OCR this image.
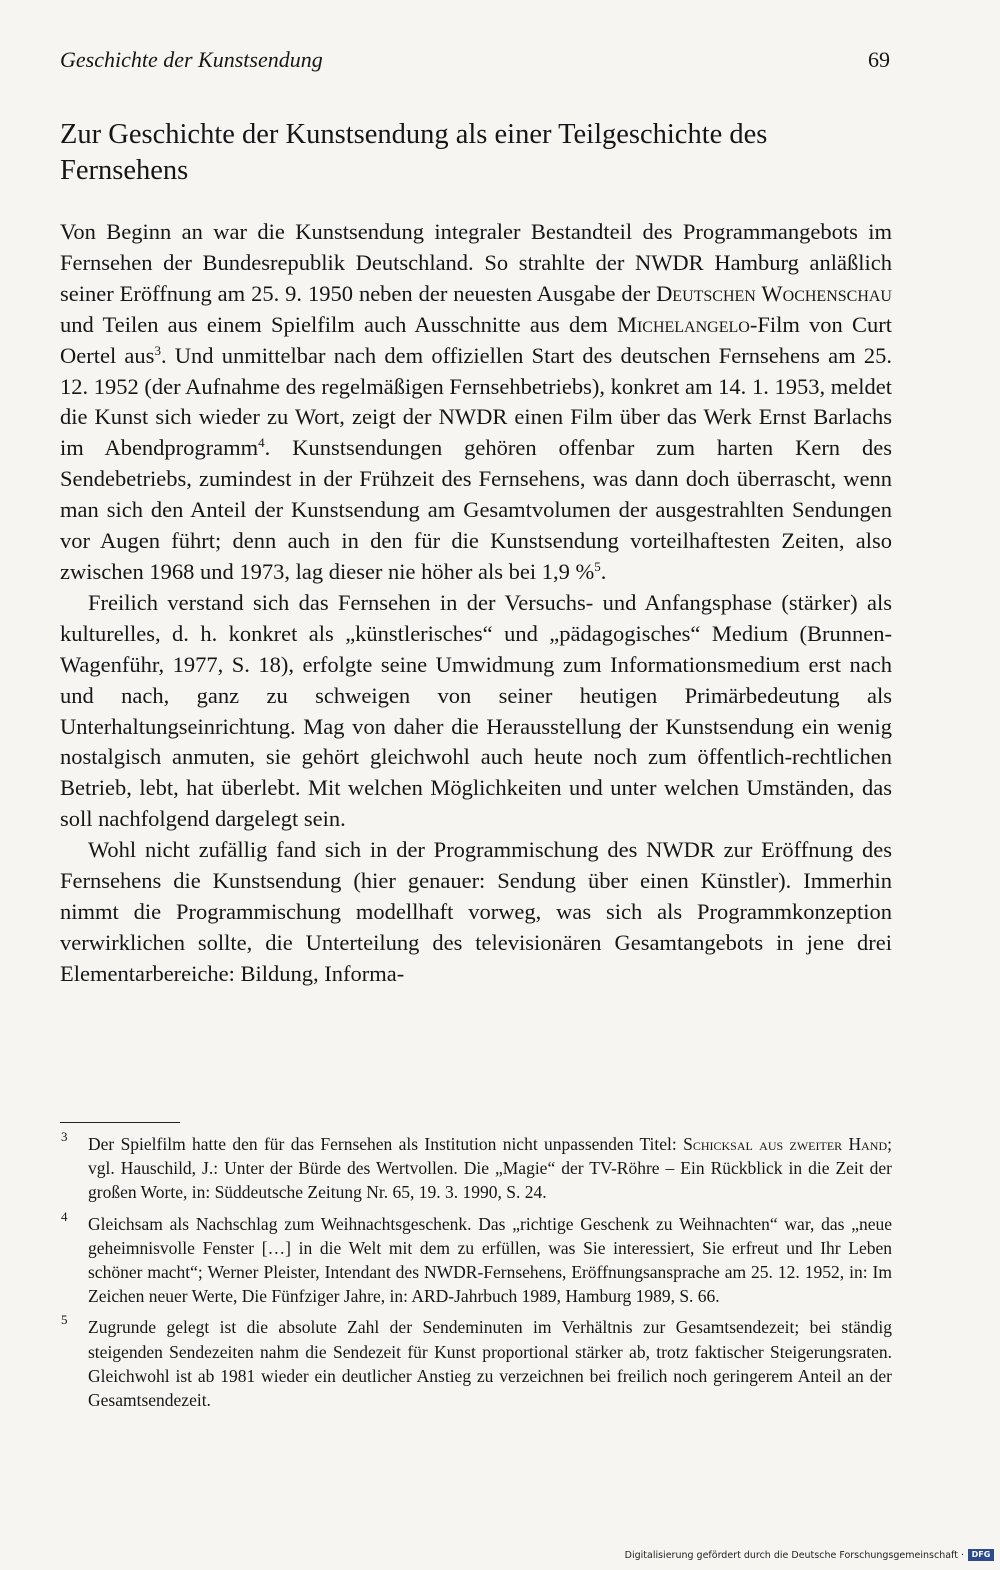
Geschichte der Kunstsendung	69
Zur Geschichte der Kunstsendung als einer Teilgeschichte des Fernsehens

Von Beginn an war die Kunstsendung integraler Bestandteil des Programmangebots im Fernsehen der Bundesrepublik Deutschland. So strahlte der NWDR Hamburg anläßlich seiner Eröffnung am 25. 9. 1950 neben der neuesten Ausgabe der Deutschen Wochenschau und Teilen aus einem Spielfilm auch Ausschnitte aus dem Michelangelo-Film von Curt Oertel aus$^3$. Und unmittelbar nach dem offiziellen Start des deutschen Fernsehens am 25. 12. 1952 (der Aufnahme des regelmäßigen Fernsehbetriebs), konkret am 14. 1. 1953, meldet die Kunst sich wieder zu Wort, zeigt der NWDR einen Film über das Werk Ernst Barlachs im Abendprogramm$^4$. Kunstsendungen gehören offenbar zum harten Kern des Sendebetriebs, zumindest in der Frühzeit des Fernsehens, was dann doch überrascht, wenn man sich den Anteil der Kunstsendung am Gesamtvolumen der ausgestrahlten Sendungen vor Augen führt; denn auch in den für die Kunstsendung vorteilhaftesten Zeiten, also zwischen 1968 und 1973, lag dieser nie höher als bei 1,9 %$^5$.

Freilich verstand sich das Fernsehen in der Versuchs- und Anfangsphase (stärker) als kulturelles, d. h. konkret als „künstlerisches“ und „pädagogisches“ Medium (Brunnen-Wagenführ, 1977, S. 18), erfolgte seine Umwidmung zum Informationsmedium erst nach und nach, ganz zu schweigen von seiner heutigen Primärbedeutung als Unterhaltungseinrichtung. Mag von daher die Herausstellung der Kunstsendung ein wenig nostalgisch anmuten, sie gehört gleichwohl auch heute noch zum öffentlich-rechtlichen Betrieb, lebt, hat überlebt. Mit welchen Möglichkeiten und unter welchen Umständen, das soll nachfolgend dargelegt sein.

Wohl nicht zufällig fand sich in der Programmischung des NWDR zur Eröffnung des Fernsehens die Kunstsendung (hier genauer: Sendung über einen Künstler). Immerhin nimmt die Programmischung modellhaft vorweg, was sich als Programmkonzeption verwirklichen sollte, die Unterteilung des televisionären Gesamtangebots in jene drei Elementarbereiche: Bildung, Informa-

3 Der Spielfilm hatte den für das Fernsehen als Institution nicht unpassenden Titel: Schicksal aus zweiter Hand; vgl. Hauschild, J.: Unter der Bürde des Wertvollen. Die „Magie“ der TV-Röhre – Ein Rückblick in die Zeit der großen Worte, in: Süddeutsche Zeitung Nr. 65, 19. 3. 1990, S. 24.
4 Gleichsam als Nachschlag zum Weihnachtsgeschenk. Das „richtige Geschenk zu Weihnachten“ war, das „neue geheimnisvolle Fenster […] in die Welt mit dem zu erfüllen, was Sie interessiert, Sie erfreut und Ihr Leben schöner macht“; Werner Pleister, Intendant des NWDR-Fernsehens, Eröffnungsansprache am 25. 12. 1952, in: Im Zeichen neuer Werte, Die Fünfziger Jahre, in: ARD-Jahrbuch 1989, Hamburg 1989, S. 66.
5 Zugrunde gelegt ist die absolute Zahl der Sendeminuten im Verhältnis zur Gesamtsendezeit; bei ständig steigenden Sendezeiten nahm die Sendezeit für Kunst proportional stärker ab, trotz faktischer Steigerungsraten. Gleichwohl ist ab 1981 wieder ein deutlicher Anstieg zu verzeichnen bei freilich noch geringerem Anteil an der Gesamtsendezeit.
Digitalisierung gefördert durch die Deutsche Forschungsgemeinschaft · DFG
